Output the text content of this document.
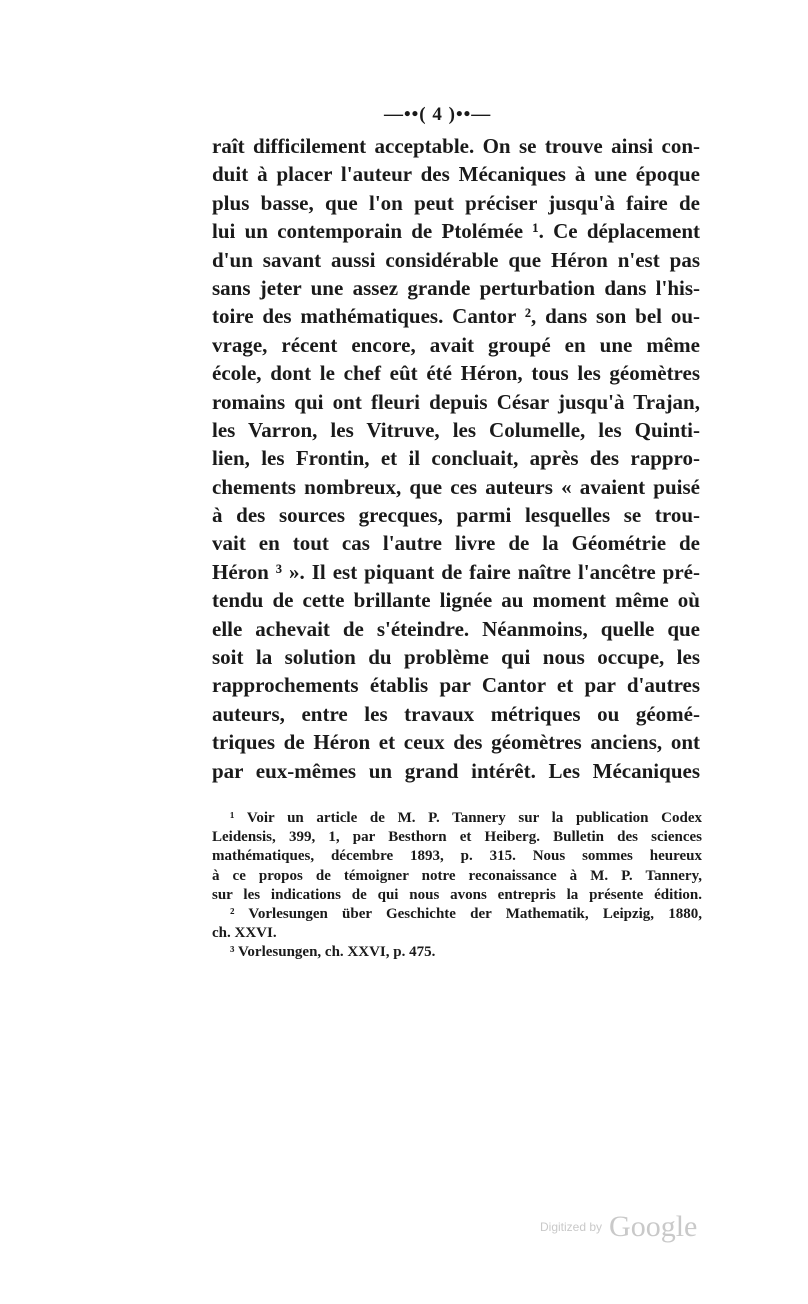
—••( 4 )••—
raît difficilement acceptable. On se trouve ainsi con-
duit à placer l'auteur des Mécaniques à une époque
plus basse, que l'on peut préciser jusqu'à faire de
lui un contemporain de Ptolémée ¹. Ce déplacement
d'un savant aussi considérable que Héron n'est pas
sans jeter une assez grande perturbation dans l'his-
toire des mathématiques. Cantor ², dans son bel ou-
vrage, récent encore, avait groupé en une même
école, dont le chef eût été Héron, tous les géomètres
romains qui ont fleuri depuis César jusqu'à Trajan,
les Varron, les Vitruve, les Columelle, les Quinti-
lien, les Frontin, et il concluait, après des rappro-
chements nombreux, que ces auteurs « avaient puisé
à des sources grecques, parmi lesquelles se trou-
vait en tout cas l'autre livre de la Géométrie de
Héron ³ ». Il est piquant de faire naître l'ancêtre pré-
tendu de cette brillante lignée au moment même où
elle achevait de s'éteindre. Néanmoins, quelle que
soit la solution du problème qui nous occupe, les
rapprochements établis par Cantor et par d'autres
auteurs, entre les travaux métriques ou géomé-
triques de Héron et ceux des géomètres anciens, ont
par eux-mêmes un grand intérêt. Les Mécaniques
¹ Voir un article de M. P. Tannery sur la publication Codex
Leidensis, 399, 1, par Besthorn et Heiberg. Bulletin des sciences
mathématiques, décembre 1893, p. 315. Nous sommes heureux
à ce propos de témoigner notre reconaissance à M. P. Tannery,
sur les indications de qui nous avons entrepris la présente édition.
² Vorlesungen über Geschichte der Mathematik, Leipzig, 1880,
ch. XXVI.
³ Vorlesungen, ch. XXVI, p. 475.
Digitized by Google
